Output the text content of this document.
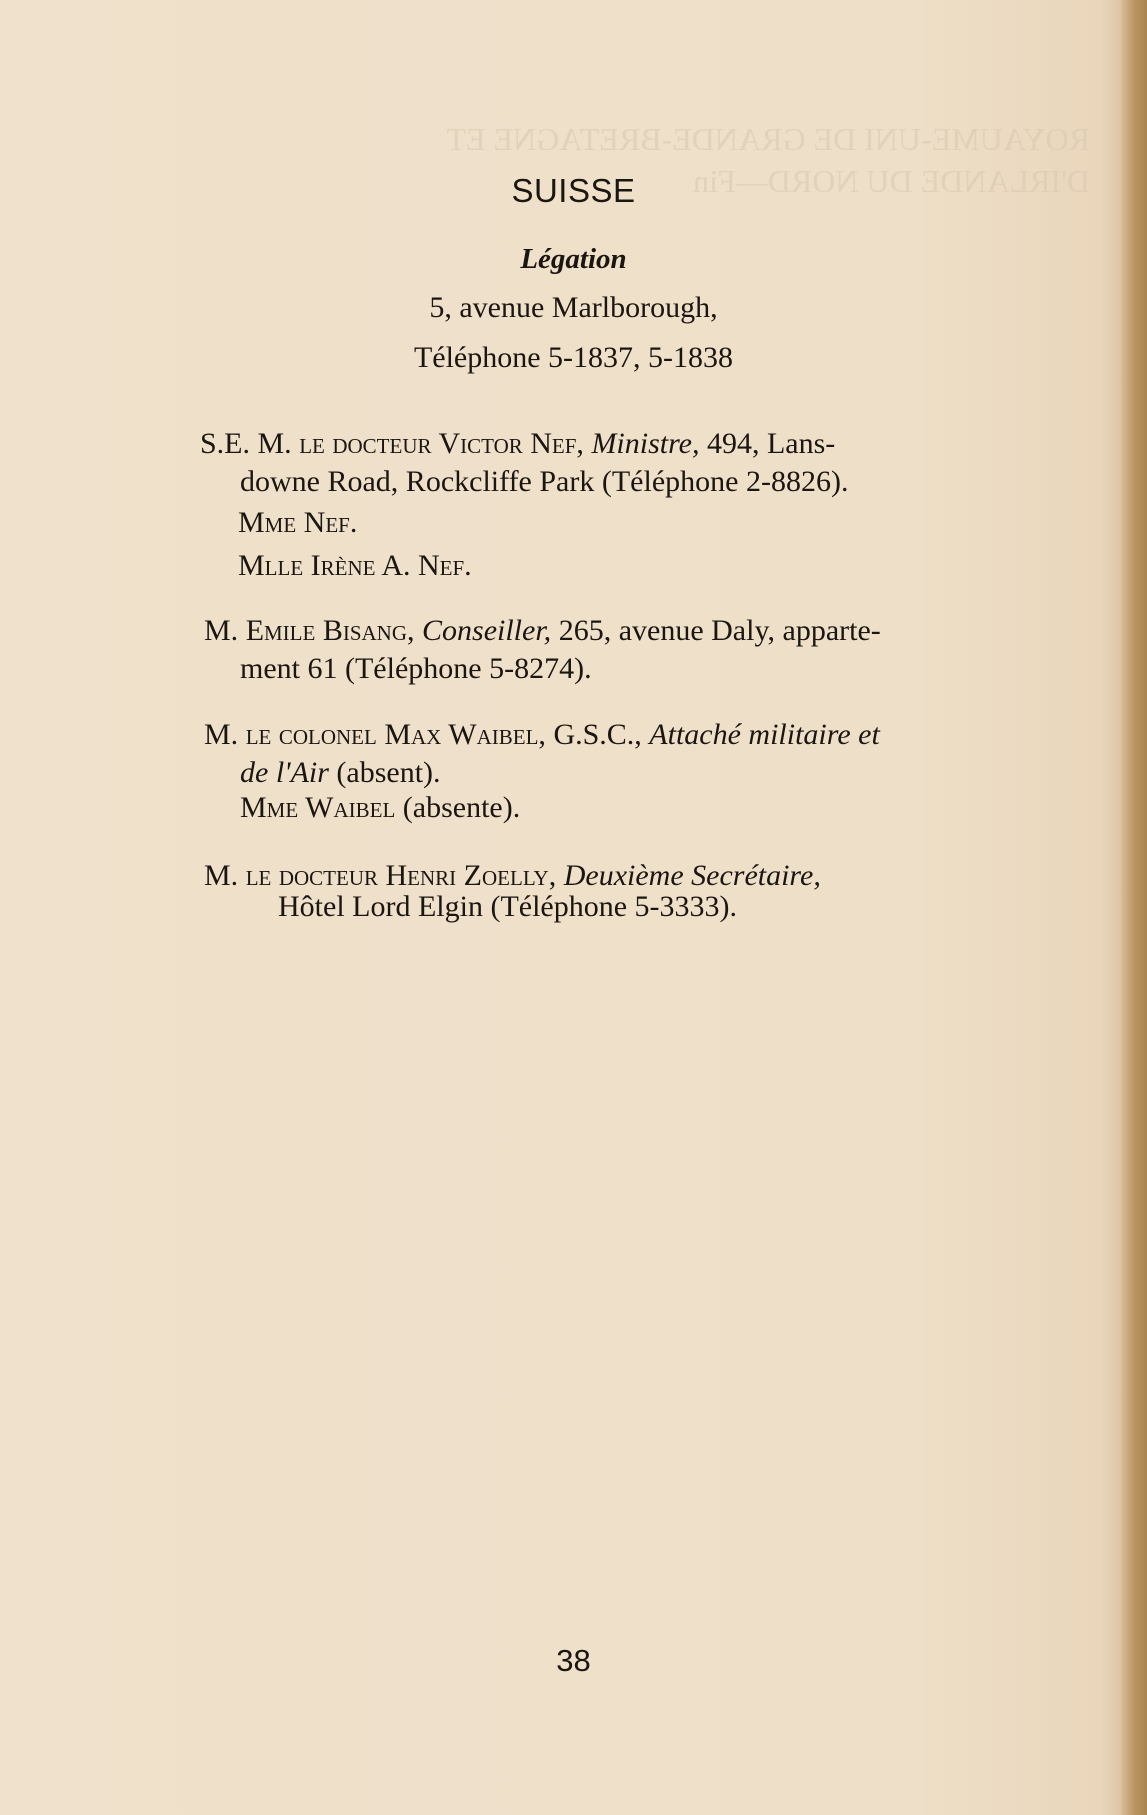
ROYAUME-UNI DE GRANDE-BRETAGNE ET
D'IRLANDE DU NORD—Fin
SUISSE
Légation
5, avenue Marlborough,
Téléphone 5-1837, 5-1838
S.E. M. le docteur Victor Nef, Ministre, 494, Lans-
downe Road, Rockcliffe Park (Téléphone 2-8826).
Mme Nef.
Mlle Irène A. Nef.
M. Emile Bisang, Conseiller, 265, avenue Daly, apparte-
ment 61 (Téléphone 5-8274).
M. le colonel Max Waibel, G.S.C., Attaché militaire et
de l'Air (absent).
Mme Waibel (absente).
M. le docteur Henri Zoelly, Deuxième Secrétaire,
Hôtel Lord Elgin (Téléphone 5-3333).
38
